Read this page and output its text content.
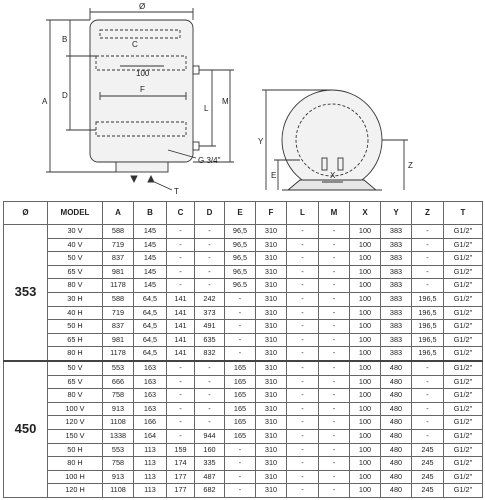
Ø
B
A
D
C
100
F
L
M
G 3/4"
T
Y
X
E
Z
Ø	MODEL	A	B	C	D	E	F	L	M	X	Y	Z	T
353	30 V	588	145	-	-	96,5	310	-	-	100	383	-	G1/2"
	40 V	719	145	-	-	96,5	310	-	-	100	383	-	G1/2"
	50 V	837	145	-	-	96,5	310	-	-	100	383	-	G1/2"
	65 V	981	145	-	-	96,5	310	-	-	100	383	-	G1/2"
	80 V	1178	145	-	-	96.5	310	-	-	100	383	-	G1/2"
	30 H	588	64,5	141	242	-	310	-	-	100	383	196,5	G1/2"
	40 H	719	64,5	141	373	-	310	-	-	100	383	196,5	G1/2"
	50 H	837	64,5	141	491	-	310	-	-	100	383	196,5	G1/2"
	65 H	981	64,5	141	635	-	310	-	-	100	383	196,5	G1/2"
	80 H	1178	64,5	141	832	-	310	-	-	100	383	196,5	G1/2"
450	50 V	553	163	-	-	165	310	-	-	100	480	-	G1/2"
	65 V	666	163	-	-	165	310	-	-	100	480	-	G1/2"
	80 V	758	163	-	-	165	310	-	-	100	480	-	G1/2"
	100 V	913	163	-	-	165	310	-	-	100	480	-	G1/2"
	120 V	1108	166	-	-	165	310	-	-	100	480	-	G1/2"
	150 V	1338	164	-	944	165	310	-	-	100	480	-	G1/2"
	50 H	553	113	159	160	-	310	-	-	100	480	245	G1/2"
	80 H	758	113	174	335	-	310	-	-	100	480	245	G1/2"
	100 H	913	113	177	487	-	310	-	-	100	480	245	G1/2"
	120 H	1108	113	177	682	-	310	-	-	100	480	245	G1/2"
